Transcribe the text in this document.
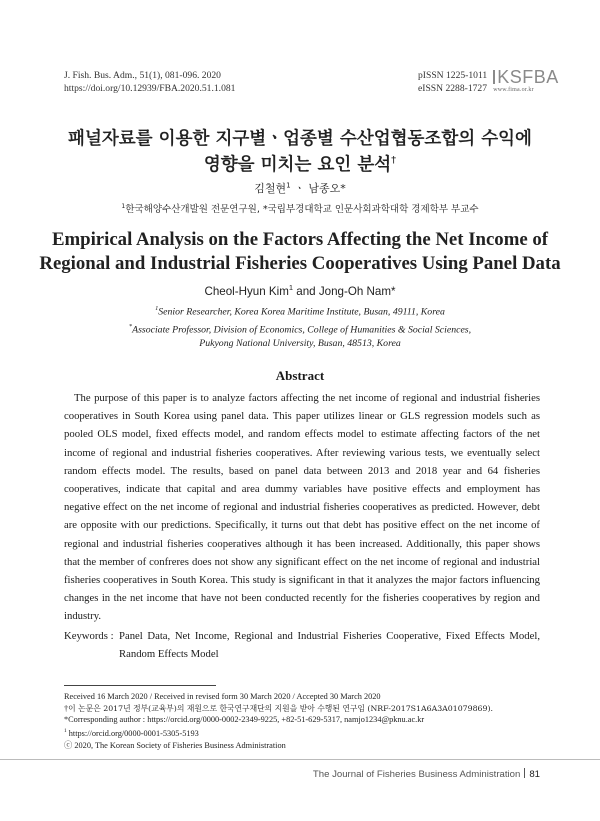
J. Fish. Bus. Adm., 51(1), 081-096. 2020
https://doi.org/10.12939/FBA.2020.51.1.081
pISSN 1225-1011
eISSN 2288-1727
KSFBA
www.fima.or.kr
패널자료를 이용한 지구별ㆍ업종별 수산업협동조합의 수익에
영향을 미치는 요인 분석†
김철현$^1$ ㆍ 남종오*
$^1$한국해양수산개발원 전문연구원, *국립부경대학교 인문사회과학대학 경제학부 부교수
Empirical Analysis on the Factors Affecting the Net Income of
Regional and Industrial Fisheries Cooperatives Using Panel Data
Cheol-Hyun Kim$^1$ and Jong-Oh Nam*
$^1$Senior Researcher, Korea Korea Maritime Institute, Busan, 49111, Korea
*Associate Professor, Division of Economics, College of Humanities & Social Sciences,
Pukyong National University, Busan, 48513, Korea
Abstract
The purpose of this paper is to analyze factors affecting the net income of regional and industrial fisheries cooperatives in South Korea using panel data. This paper utilizes linear or GLS regression models such as pooled OLS model, fixed effects model, and random effects model to estimate affecting factors of the net income of regional and industrial fisheries cooperatives. After reviewing various tests, we eventually select random effects model. The results, based on panel data between 2013 and 2018 year and 64 fisheries cooperatives, indicate that capital and area dummy variables have positive effects and employment has negative effect on the net income of regional and industrial fisheries cooperatives as predicted. However, debt are opposite with our predictions. Specifically, it turns out that debt has positive effect on the net income of regional and industrial fisheries cooperatives although it has been increased. Additionally, this paper shows that the member of confreres does not show any significant effect on the net income of regional and industrial fisheries cooperatives in South Korea. This study is significant in that it analyzes the major factors influencing changes in the net income that have not been conducted recently for the fisheries cooperatives by region and industry.
Keywords : Panel Data, Net Income, Regional and Industrial Fisheries Cooperative, Fixed Effects Model, Random Effects Model
Received 16 March 2020 / Received in revised form 30 March 2020 / Accepted 30 March 2020
†이 논문은 2017년 정부(교육부)의 재원으로 한국연구재단의 지원을 받아 수행된 연구임 (NRF-2017S1A6A3A01079869).
*Corresponding author : https://orcid.org/0000-0002-2349-9225, +82-51-629-5317, namjo1234@pknu.ac.kr
$^1$ https://orcid.org/0000-0001-5305-5193
ⓒ 2020, The Korean Society of Fisheries Business Administration
The Journal of Fisheries Business Administration 81
